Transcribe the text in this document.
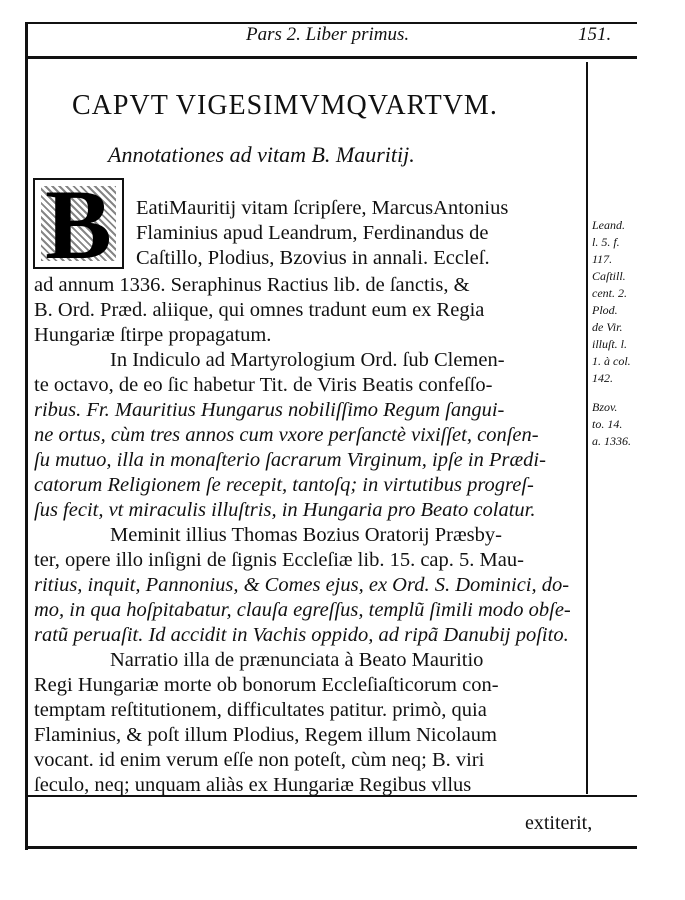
Pars 2. Liber primus.	151.
CAPVT VIGESIMVMQVARTVM.
Annotationes ad vitam B. Mauritij.
B	EatiMauritij vitam ſcripſere, MarcusAntonius
Flaminius apud Leandrum, Ferdinandus de
Caſtillo, Plodius, Bzovius in annali. Eccleſ.
ad annum 1336. Seraphinus Ractius lib. de ſanctis, &
B. Ord. Præd. aliique, qui omnes tradunt eum ex Regia
Hungariæ ſtirpe propagatum.
In Indiculo ad Martyrologium Ord. ſub Clemen-
te octavo, de eo ſic habetur Tit. de Viris Beatis confeſſo-
ribus. Fr. Mauritius Hungarus nobiliſſimo Regum ſangui-
ne ortus, cùm tres annos cum vxore perſanctè vixiſſet, conſen-
ſu mutuo, illa in monaſterio ſacrarum Virginum, ipſe in Prædi-
catorum Religionem ſe recepit, tantoſq; in virtutibus progreſ-
ſus fecit, vt miraculis illuſtris, in Hungaria pro Beato colatur.
Meminit illius Thomas Bozius Oratorij Præsby-
ter, opere illo inſigni de ſignis Eccleſiæ lib. 15. cap. 5. Mau-
ritius, inquit, Pannonius, & Comes ejus, ex Ord. S. Dominici, do-
mo, in qua hoſpitabatur, clauſa egreſſus, templũ ſimili modo obſe-
ratũ peruaſit. Id accidit in Vachis oppido, ad ripã Danubij poſito.
Narratio illa de prænunciata à Beato Mauritio
Regi Hungariæ morte ob bonorum Eccleſiaſticorum con-
temptam reſtitutionem, difficultates patitur. primò, quia
Flaminius, & poſt illum Plodius, Regem illum Nicolaum
vocant. id enim verum eſſe non poteſt, cùm neq; B. viri
ſeculo, neq; unquam aliàs ex Hungariæ Regibus vllus
Leand.
l. 5. f.
117.
Caſtill.
cent. 2.
Plod.
de Vir.
illuſt. l.
1. à col.
142.
Bzov.
to. 14.
a. 1336.
extiterit,
